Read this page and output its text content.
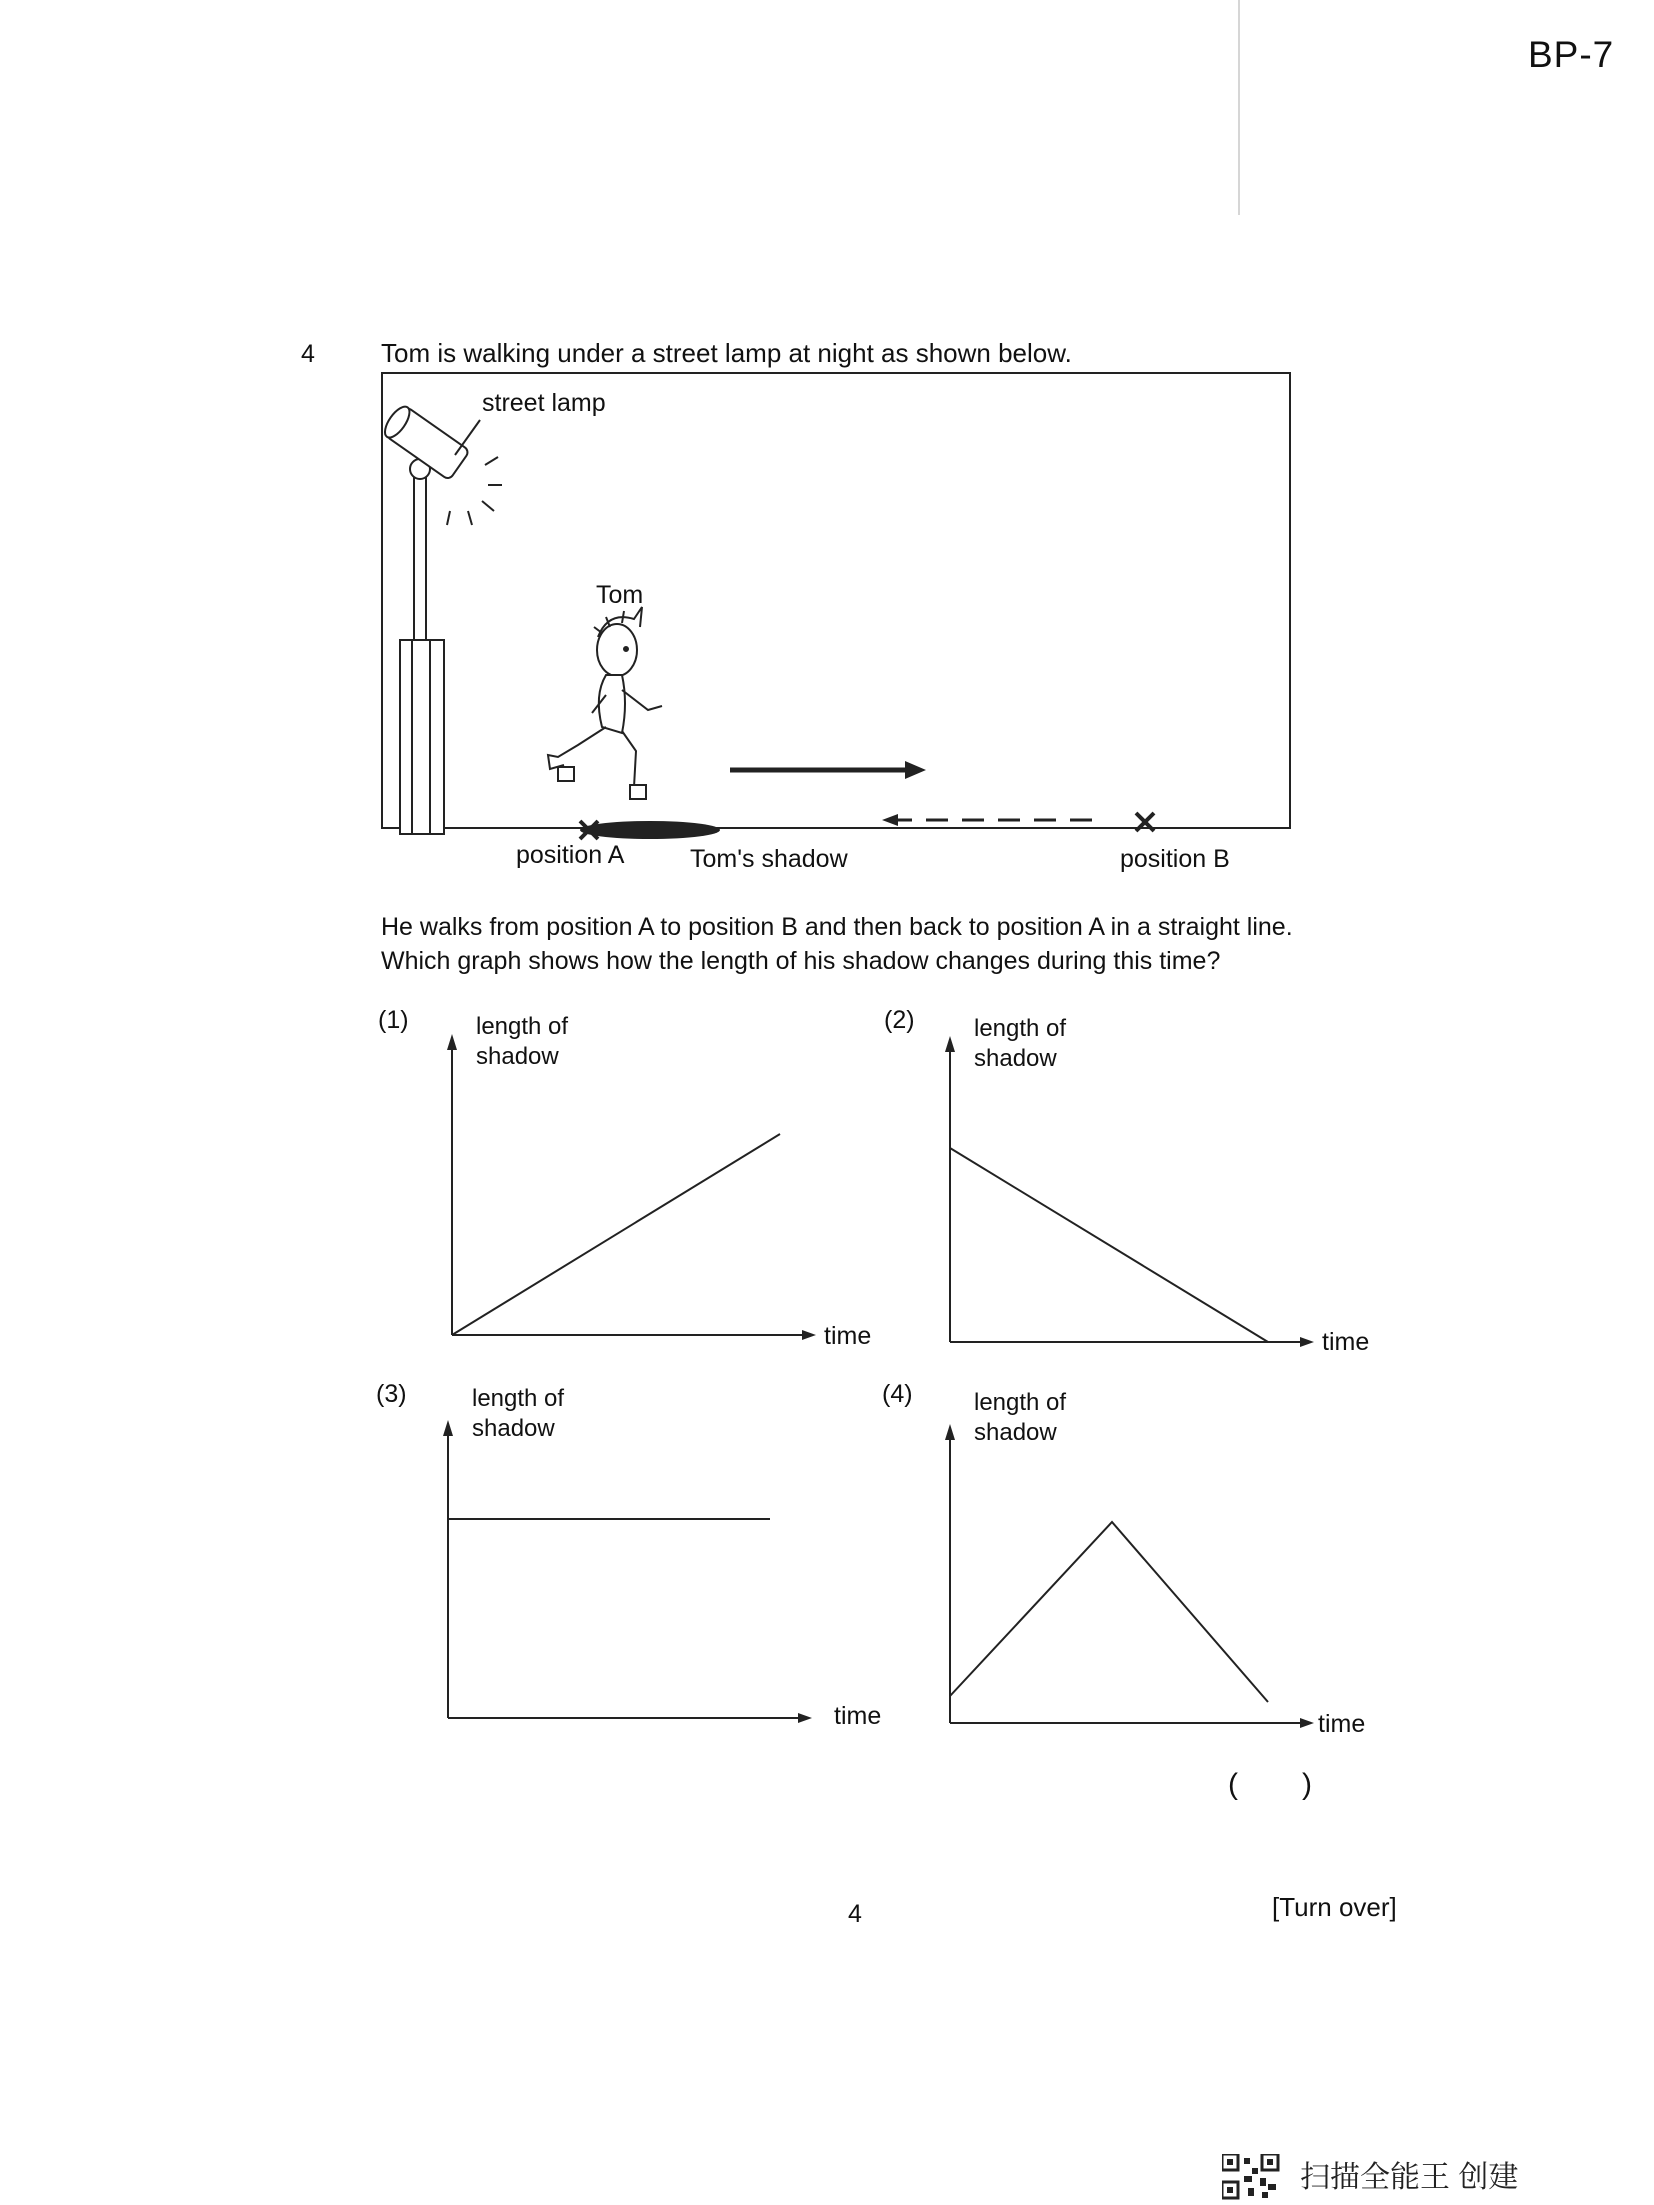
BP-7
4	Tom is walking under a street lamp at night as shown below.
street lamp
Tom
position A	Tom's shadow	position B
He walks from position A to position B and then back to position A in a straight line.
Which graph shows how the length of his shadow changes during this time?
(1)	length of
shadow
time
(2) length of
shadow
time
(3)	length of
shadow
time
(4)	length of
shadow
time
( )
4	[Turn over]
扫描全能王 创建
